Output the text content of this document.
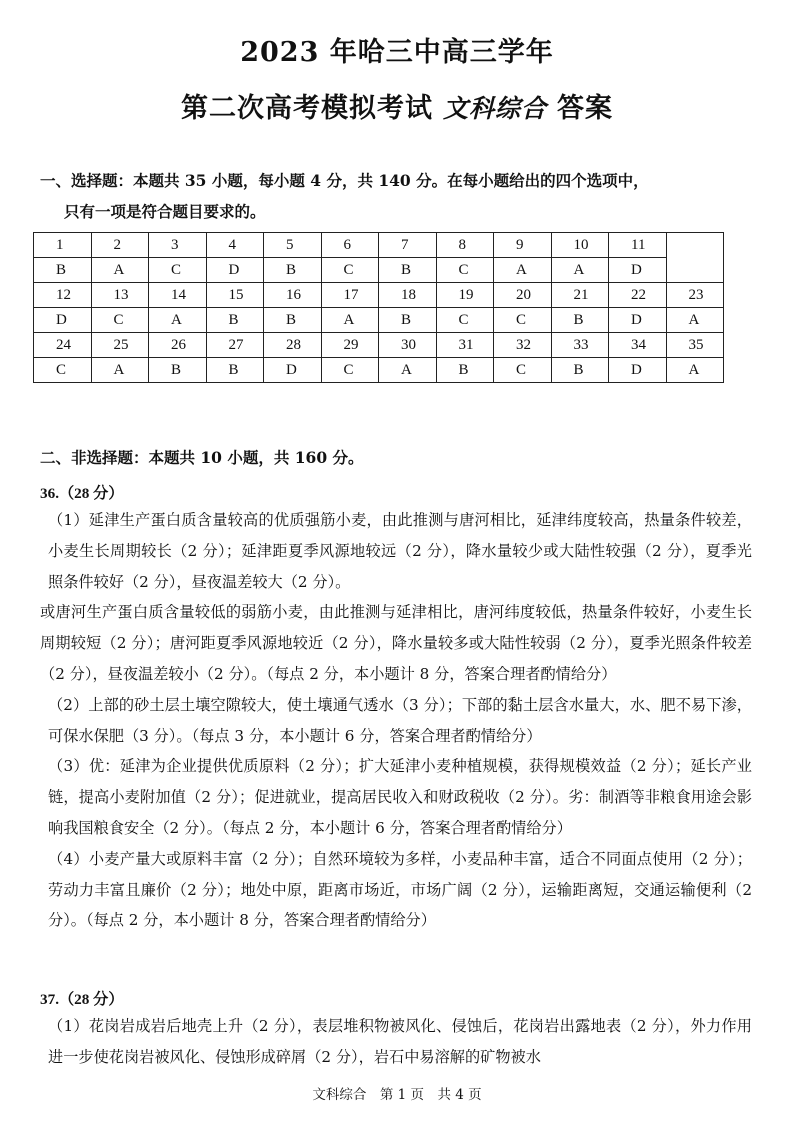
2023 年哈三中高三学年
第二次高考模拟考试 文科综合 答案
一、选择题：本题共 35 小题，每小题 4 分，共 140 分。在每小题给出的四个选项中，
只有一项是符合题目要求的。
1	2	3	4	5	6	7	8	9	10	11	
B	A	C	D	B	C	B	C	A	A	D	
12	13	14	15	16	17	18	19	20	21	22	23
D	C	A	B	B	A	B	C	C	B	D	A
24	25	26	27	28	29	30	31	32	33	34	35
C	A	B	B	D	C	A	B	C	B	D	A
二、非选择题：本题共 10 小题，共 160 分。
36.（28 分）
（1）延津生产蛋白质含量较高的优质强筋小麦，由此推测与唐河相比，延津纬度较高，热量条件较差，小麦生长周期较长（2 分）；延津距夏季风源地较远（2 分），降水量较少或大陆性较强（2 分），夏季光照条件较好（2 分），昼夜温差较大（2 分）。
或唐河生产蛋白质含量较低的弱筋小麦，由此推测与延津相比，唐河纬度较低，热量条件较好，小麦生长周期较短（2 分）；唐河距夏季风源地较近（2 分），降水量较多或大陆性较弱（2 分），夏季光照条件较差（2 分），昼夜温差较小（2 分）。（每点 2 分，本小题计 8 分，答案合理者酌情给分）
（2）上部的砂土层土壤空隙较大，使土壤通气透水（3 分）；下部的黏土层含水量大，水、肥不易下渗，可保水保肥（3 分）。（每点 3 分，本小题计 6 分，答案合理者酌情给分）
（3）优：延津为企业提供优质原料（2 分）；扩大延津小麦种植规模，获得规模效益（2 分）；延长产业链，提高小麦附加值（2 分）；促进就业，提高居民收入和财政税收（2 分）。劣：制酒等非粮食用途会影响我国粮食安全（2 分）。（每点 2 分，本小题计 6 分，答案合理者酌情给分）
（4）小麦产量大或原料丰富（2 分）；自然环境较为多样，小麦品种丰富，适合不同面点使用（2 分）；劳动力丰富且廉价（2 分）；地处中原，距离市场近，市场广阔（2 分），运输距离短，交通运输便利（2 分）。（每点 2 分，本小题计 8 分，答案合理者酌情给分）
37.（28 分）
（1）花岗岩成岩后地壳上升（2 分），表层堆积物被风化、侵蚀后，花岗岩出露地表（2 分），外力作用进一步使花岗岩被风化、侵蚀形成碎屑（2 分），岩石中易溶解的矿物被水
文科综合　第 1 页　共 4 页
